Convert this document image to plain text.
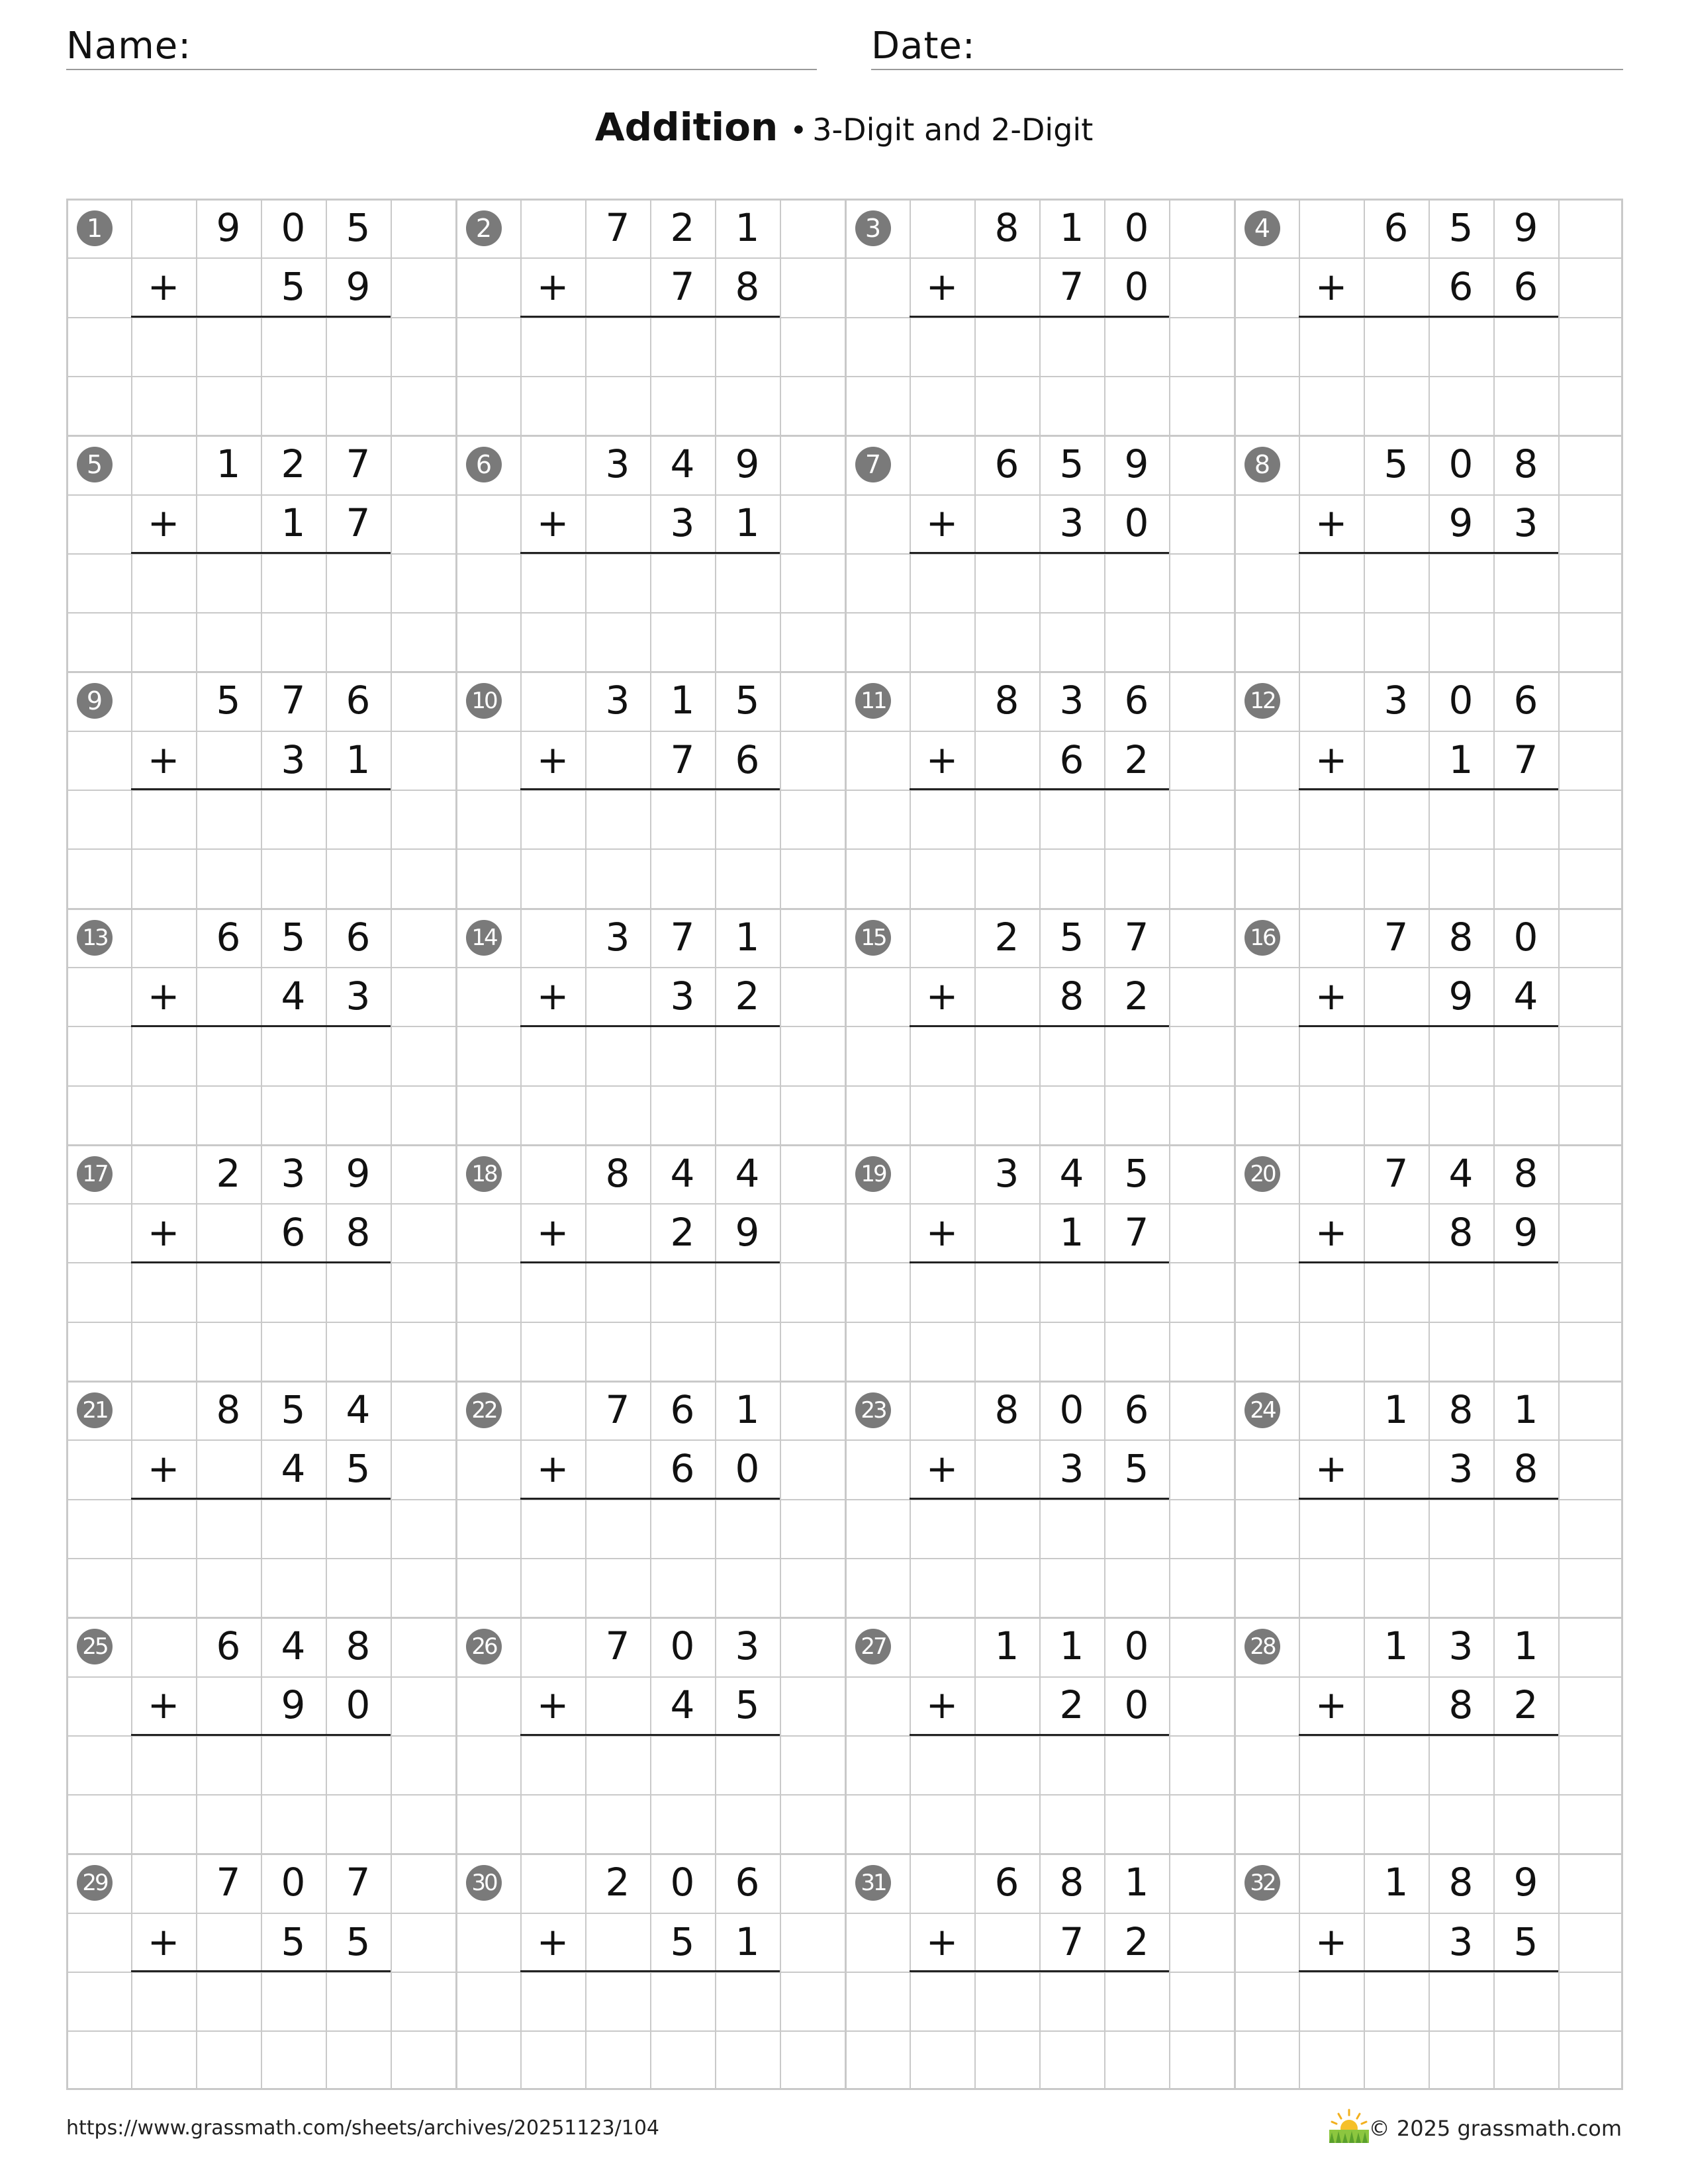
Name:	Date:
Addition • 3-Digit and 2-Digit
1	9	0	5
+	5	9
2	7	2	1
+	7	8
3	8	1	0
+	7	0
4	6	5	9
+	6	6
5	1	2	7
+	1	7
6	3	4	9
+	3	1
7	6	5	9
+	3	0
8	5	0	8
+	9	3
9	5	7	6
+	3	1
10	3	1	5
+	7	6
11	8	3	6
+	6	2
12	3	0	6
+	1	7
13	6	5	6
+	4	3
14	3	7	1
+	3	2
15	2	5	7
+	8	2
16	7	8	0
+	9	4
17	2	3	9
+	6	8
18	8	4	4
+	2	9
19	3	4	5
+	1	7
20	7	4	8
+	8	9
21	8	5	4
+	4	5
22	7	6	1
+	6	0
23	8	0	6
+	3	5
24	1	8	1
+	3	8
25	6	4	8
+	9	0
26	7	0	3
+	4	5
27	1	1	0
+	2	0
28	1	3	1
+	8	2
29	7	0	7
+	5	5
30	2	0	6
+	5	1
31	6	8	1
+	7	2
32	1	8	9
+	3	5
https://www.grassmath.com/sheets/archives/20251123/104	© 2025 grassmath.com
